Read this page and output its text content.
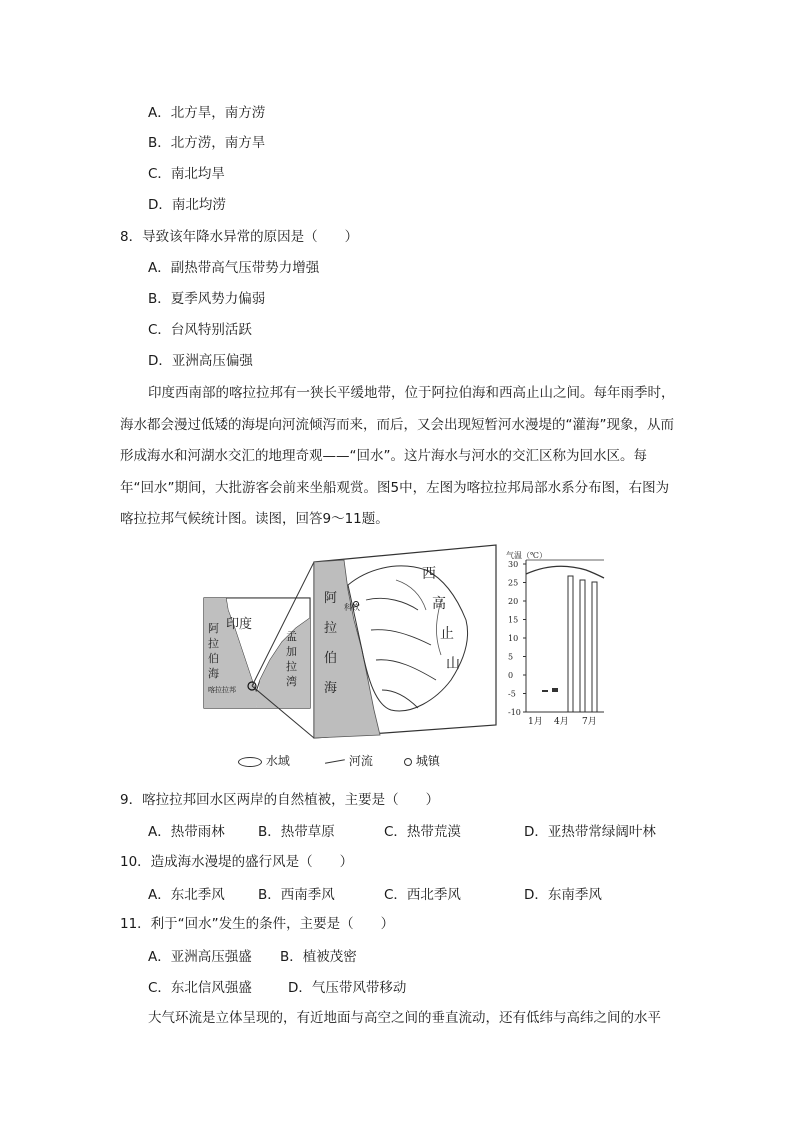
A．北方旱，南方涝
B．北方涝，南方旱
C．南北均旱
D．南北均涝
8．导致该年降水异常的原因是（　　）
A．副热带高气压带势力增强
B．夏季风势力偏弱
C．台风特别活跃
D．亚洲高压偏强
印度西南部的喀拉拉邦有一狭长平缓地带，位于阿拉伯海和西高止山之间。每年雨季时，海水都会漫过低矮的海堤向河流倾泻而来，而后，又会出现短暂河水漫堤的“灌海”现象，从而形成海水和河湖水交汇的地理奇观——“回水”。这片海水与河水的交汇区称为回水区。每年“回水”期间，大批游客会前来坐船观赏。图5中，左图为喀拉拉邦局部水系分布图，右图为喀拉拉邦气候统计图。读图，回答9～11题。
印度
阿
拉
伯
海
喀拉拉邦
孟
加
拉
湾
阿
拉
伯
海
科钦
西
高
止
山
气温（℃）
30
25
20
15
10
5
0
-5
-10
1月 4月 7月
水域	河流	城镇
9．喀拉拉邦回水区两岸的自然植被，主要是（　　）
A．热带雨林 B．热带草原	C．热带荒漠	D．亚热带常绿阔叶林
10．造成海水漫堤的盛行风是（　　）
A．东北季风 B．西南季风	C．西北季风	D．东南季风
11．利于“回水”发生的条件，主要是（　　）
A．亚洲高压强盛 B．植被茂密
C．东北信风强盛	D．气压带风带移动
大气环流是立体呈现的，有近地面与高空之间的垂直流动，还有低纬与高纬之间的水平
